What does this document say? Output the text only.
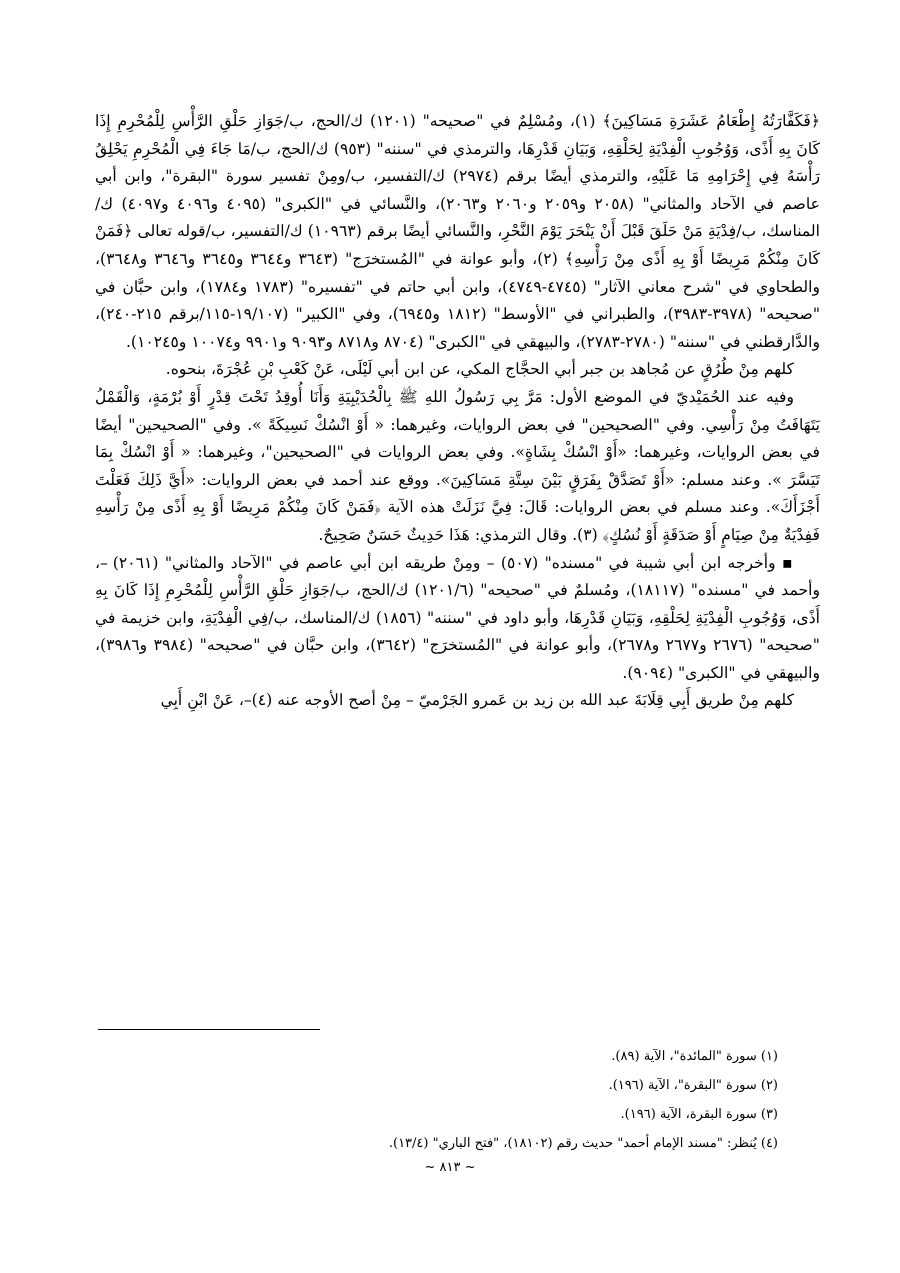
﴿فَكَفَّارَتُهُ إِطْعَامُ عَشَرَةِ مَسَاكِينَ﴾ (١)، ومُسْلِمٌ في "صحيحه" (١٢٠١) ك/الحج، ب/جَوَازِ حَلْقِ الرَّأْسِ لِلْمُحْرِمِ إِذَا كَانَ بِهِ أَذًى، وَوُجُوبِ الْفِدْيَةِ لِحَلْقِهِ، وَبَيَانِ قَدْرِهَا، والترمذي في "سننه" (٩٥٣) ك/الحج، ب/مَا جَاءَ فِي الْمُحْرِمِ يَحْلِقُ رَأْسَهُ فِي إِحْرَامِهِ مَا عَلَيْهِ، والترمذي أيضًا برقم (٢٩٧٤) ك/التفسير، ب/ومِنْ تفسير سورة "البقرة"، وابن أبي عاصم في الآحاد والمثاني" (٢٠٥٨ و٢٠٥٩ و٢٠٦٠ و٢٠٦٣)، والنَّسائي في "الكبرى" (٤٠٩٥ و٤٠٩٦ و٤٠٩٧) ك/المناسك، ب/فِدْيَةِ مَنْ حَلَقَ قَبْلَ أَنْ يَنْحَرَ يَوْمَ النَّحْرِ، والنَّسائي أيضًا برقم (١٠٩٦٣) ك/التفسير، ب/قوله تعالى ﴿فَمَنْ كَانَ مِنْكُمْ مَرِيضًا أَوْ بِهِ أَذًى مِنْ رَأْسِهِ﴾ (٢)، وأبو عوانة في "المُستخرَج" (٣٦٤٣ و٣٦٤٤ و٣٦٤٥ و٣٦٤٦ و٣٦٤٨)، والطحاوي في "شرح معاني الآثار" (٤٧٤٥-٤٧٤٩)، وابن أبي حاتم في "تفسيره" (١٧٨٣ و١٧٨٤)، وابن حبَّان في "صحيحه" (٣٩٧٨-٣٩٨٣)، والطبراني في "الأوسط" (١٨١٢ و٦٩٤٥)، وفي "الكبير" (١٩/١٠٧-١١٥/برقم ٢١٥-٢٤٠)، والدَّارقطني في "سننه" (٢٧٨٠-٢٧٨٣)، والبيهقي في "الكبرى" (٨٧٠٤ و٨٧١٨ و٩٠٩٣ و٩٩٠١ و١٠٠٧٤ و١٠٢٤٥).

كلهم مِنْ طُرُقٍ عن مُجاهد بن جبر أبي الحجَّاج المكي، عن ابن أبي لَيْلَى، عَنْ كَعْبِ بْنِ عُجْرَةَ، بنحوه.

وفيه عند الحُمَيْديّ في الموضع الأول: مَرَّ بِي رَسُولُ اللهِ ﷺ بِالْحُدَيْبِيَةِ وَأَنَا أُوقِدُ تَحْتَ قِدْرٍ أَوْ بُرْمَةٍ، وَالْقَمْلُ يَتَهَافَتُ مِنْ رَأْسِي. وفي "الصحيحين" في بعض الروايات، وغيرهما: « أَوْ انْسُكْ نَسِيكَةً ». وفي "الصحيحين" أيضًا في بعض الروايات، وغيرهما: «أَوْ انْسُكْ بِشَاةٍ». وفي بعض الروايات في "الصحيحين"، وغيرهما: « أَوْ انْسُكْ بِمَا تَيَسَّرَ ». وعند مسلم: «أَوْ تَصَدَّقْ بِفَرَقٍ بَيْنَ سِتَّةِ مَسَاكِينَ». ووقع عند أحمد في بعض الروايات: «أَيَّ ذَلِكَ فَعَلْتَ أَجْزَأَكَ». وعند مسلم في بعض الروايات: قَالَ: فِيَّ نَزَلَتْ هذه الآية ﴿فَمَنْ كَانَ مِنْكُمْ مَرِيضًا أَوْ بِهِ أَذًى مِنْ رَأْسِهِ فَفِدْيَةٌ مِنْ صِيَامٍ أَوْ صَدَقَةٍ أَوْ نُسُكٍ﴾ (٣). وقال الترمذي: هَذَا حَدِيثٌ حَسَنٌ صَحِيحٌ.

▪ وأخرجه ابن أبي شيبة في "مسنده" (٥٠٧) – ومِنْ طريقه ابن أبي عاصم في "الآحاد والمثاني" (٢٠٦١) –، وأحمد في "مسنده" (١٨١١٧)، ومُسلمٌ في "صحيحه" (١٢٠١/٦) ك/الحج، ب/جَوَازِ حَلْقِ الرَّأْسِ لِلْمُحْرِمِ إِذَا كَانَ بِهِ أَذًى، وَوُجُوبِ الْفِدْيَةِ لِحَلْقِهِ، وَبَيَانِ قَدْرِهَا، وأبو داود في "سننه" (١٨٥٦) ك/المناسك، ب/فِي الْفِدْيَةِ، وابن خزيمة في "صحيحه" (٢٦٧٦ و٢٦٧٧ و٢٦٧٨)، وأبو عوانة في "المُستخرَج" (٣٦٤٢)، وابن حبَّان في "صحيحه" (٣٩٨٤ و٣٩٨٦)، والبيهقي في "الكبرى" (٩٠٩٤).

كلهم مِنْ طريق أَبِي قِلَابَةَ عبد الله بن زيد بن عَمرو الجَرْميّ – مِنْ أصح الأوجه عنه (٤)–، عَنْ ابْنِ أَبِي

(١) سورة "المائدة"، الآية (٨٩).

(٢) سورة "البقرة"، الآية (١٩٦).

(٣) سورة البقرة، الآية (١٩٦).

(٤) يُنظر: "مسند الإمام أحمد" حديث رقم (١٨١٠٢)، "فتح الباري" (١٣/٤).

~ ٨١٣ ~
